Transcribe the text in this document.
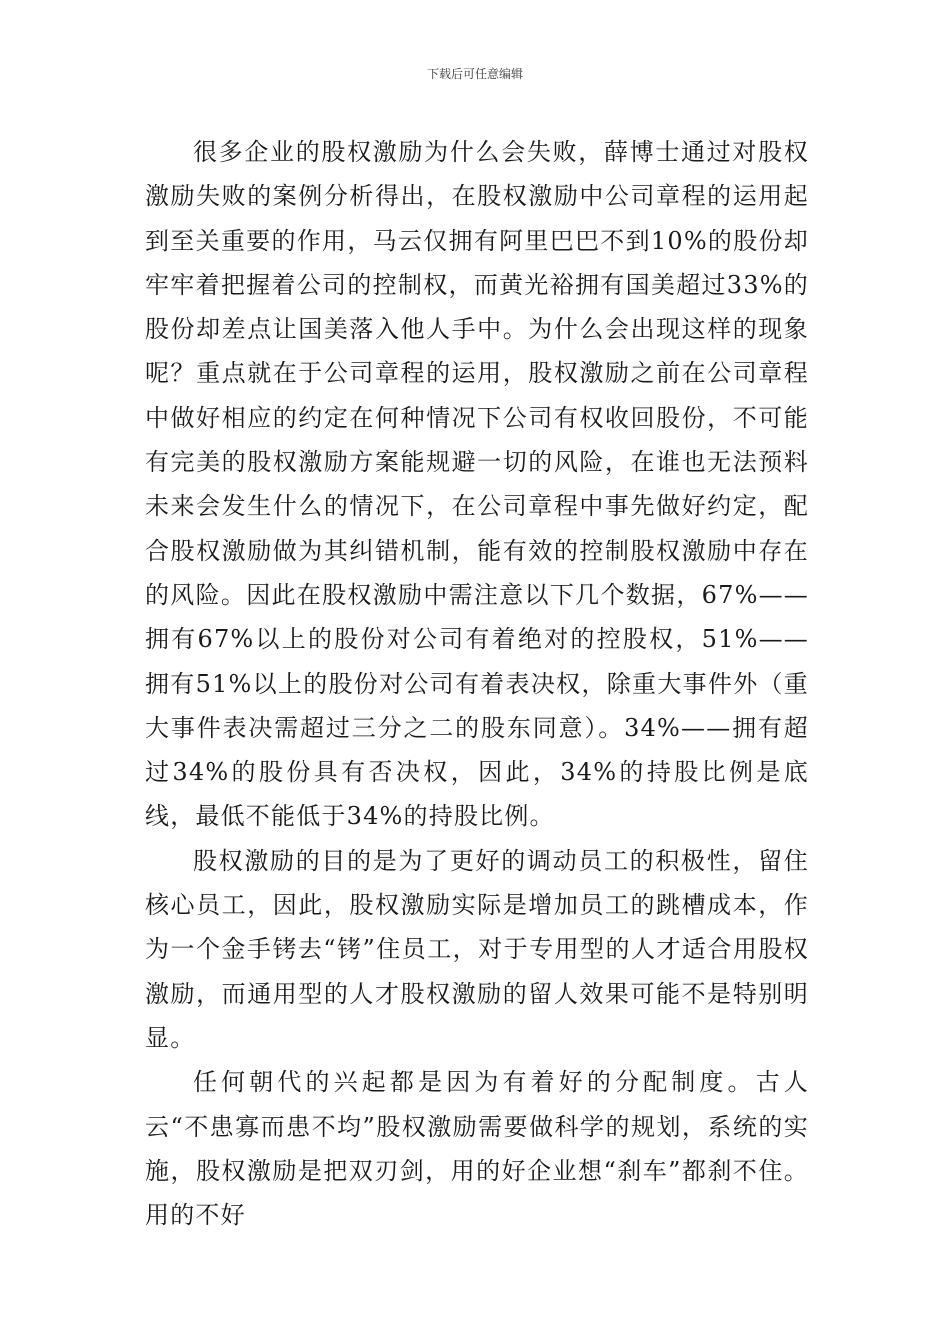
下载后可任意编辑

很多企业的股权激励为什么会失败，薛博士通过对股权激励失败的案例分析得出，在股权激励中公司章程的运用起到至关重要的作用，马云仅拥有阿里巴巴不到10%的股份却牢牢着把握着公司的控制权，而黄光裕拥有国美超过33%的股份却差点让国美落入他人手中。为什么会出现这样的现象呢？重点就在于公司章程的运用，股权激励之前在公司章程中做好相应的约定在何种情况下公司有权收回股份，不可能有完美的股权激励方案能规避一切的风险，在谁也无法预料未来会发生什么的情况下，在公司章程中事先做好约定，配合股权激励做为其纠错机制，能有效的控制股权激励中存在的风险。因此在股权激励中需注意以下几个数据，67%——拥有67%以上的股份对公司有着绝对的控股权，51%——拥有51%以上的股份对公司有着表决权，除重大事件外（重大事件表决需超过三分之二的股东同意）。34%——拥有超过34%的股份具有否决权，因此，34%的持股比例是底线，最低不能低于34%的持股比例。

股权激励的目的是为了更好的调动员工的积极性，留住核心员工，因此，股权激励实际是增加员工的跳槽成本，作为一个金手铐去“铐”住员工，对于专用型的人才适合用股权激励，而通用型的人才股权激励的留人效果可能不是特别明显。

任何朝代的兴起都是因为有着好的分配制度。古人云“不患寡而患不均”股权激励需要做科学的规划，系统的实施，股权激励是把双刃剑，用的好企业想“刹车”都刹不住。用的不好
